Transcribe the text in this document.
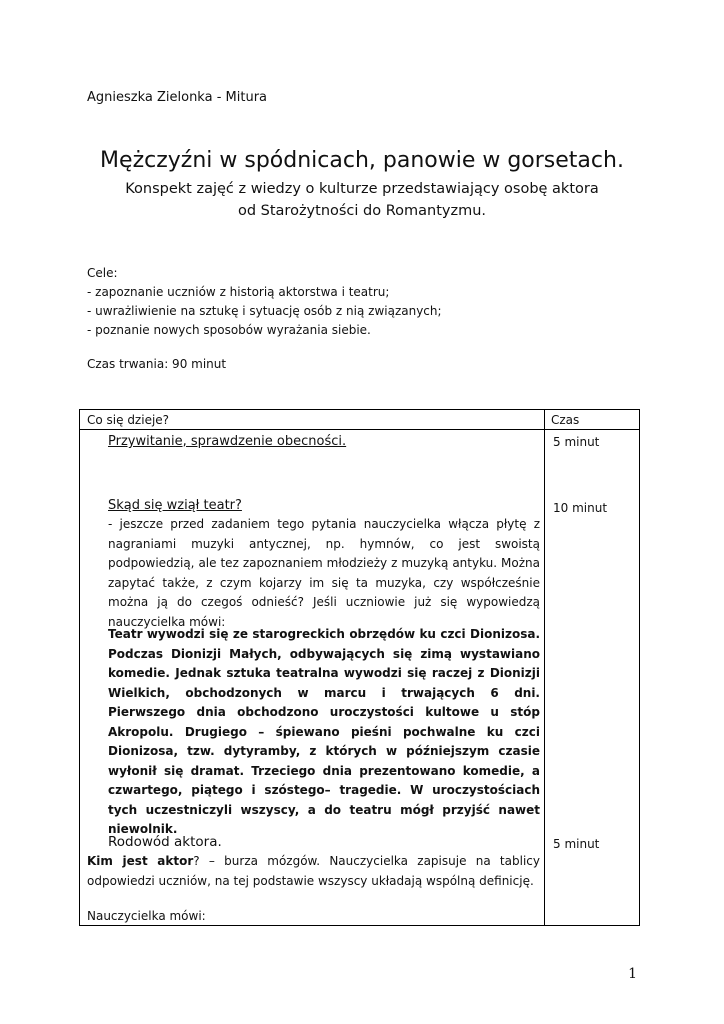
Agnieszka Zielonka - Mitura
Mężczyźni w spódnicach, panowie w gorsetach.
Konspekt zajęć z wiedzy o kulturze przedstawiający osobę aktora
od Starożytności do Romantyzmu.
Cele:
- zapoznanie uczniów z historią aktorstwa i teatru;
- uwrażliwienie na sztukę i sytuację osób z nią związanych;
- poznanie nowych sposobów wyrażania siebie.
Czas trwania: 90 minut
Co się dzieje?	Czas
Przywitanie, sprawdzenie obecności.	5 minut
Skąd się wziął teatr?	10 minut
- jeszcze przed zadaniem tego pytania nauczycielka włącza płytę z nagraniami muzyki antycznej, np. hymnów, co jest swoistą podpowiedzią, ale tez zapoznaniem młodzieży z muzyką antyku. Można zapytać także, z czym kojarzy im się ta muzyka, czy współcześnie można ją do czegoś odnieść? Jeśli uczniowie już się wypowiedzą nauczycielka mówi:
Teatr wywodzi się ze starogreckich obrzędów ku czci Dionizosa. Podczas Dionizji Małych, odbywających się zimą wystawiano komedie. Jednak sztuka teatralna wywodzi się raczej z Dionizji Wielkich, obchodzonych w marcu i trwających 6 dni. Pierwszego dnia obchodzono uroczystości kultowe u stóp Akropolu. Drugiego – śpiewano pieśni pochwalne ku czci Dionizosa, tzw. dytyramby, z których w późniejszym czasie wyłonił się dramat. Trzeciego dnia prezentowano komedie, a czwartego, piątego i szóstego– tragedie. W uroczystościach tych uczestniczyli wszyscy, a do teatru mógł przyjść nawet niewolnik.
Rodowód aktora.	5 minut
Kim jest aktor? – burza mózgów. Nauczycielka zapisuje na tablicy odpowiedzi uczniów, na tej podstawie wszyscy układają wspólną definicję.
Nauczycielka mówi:
1
